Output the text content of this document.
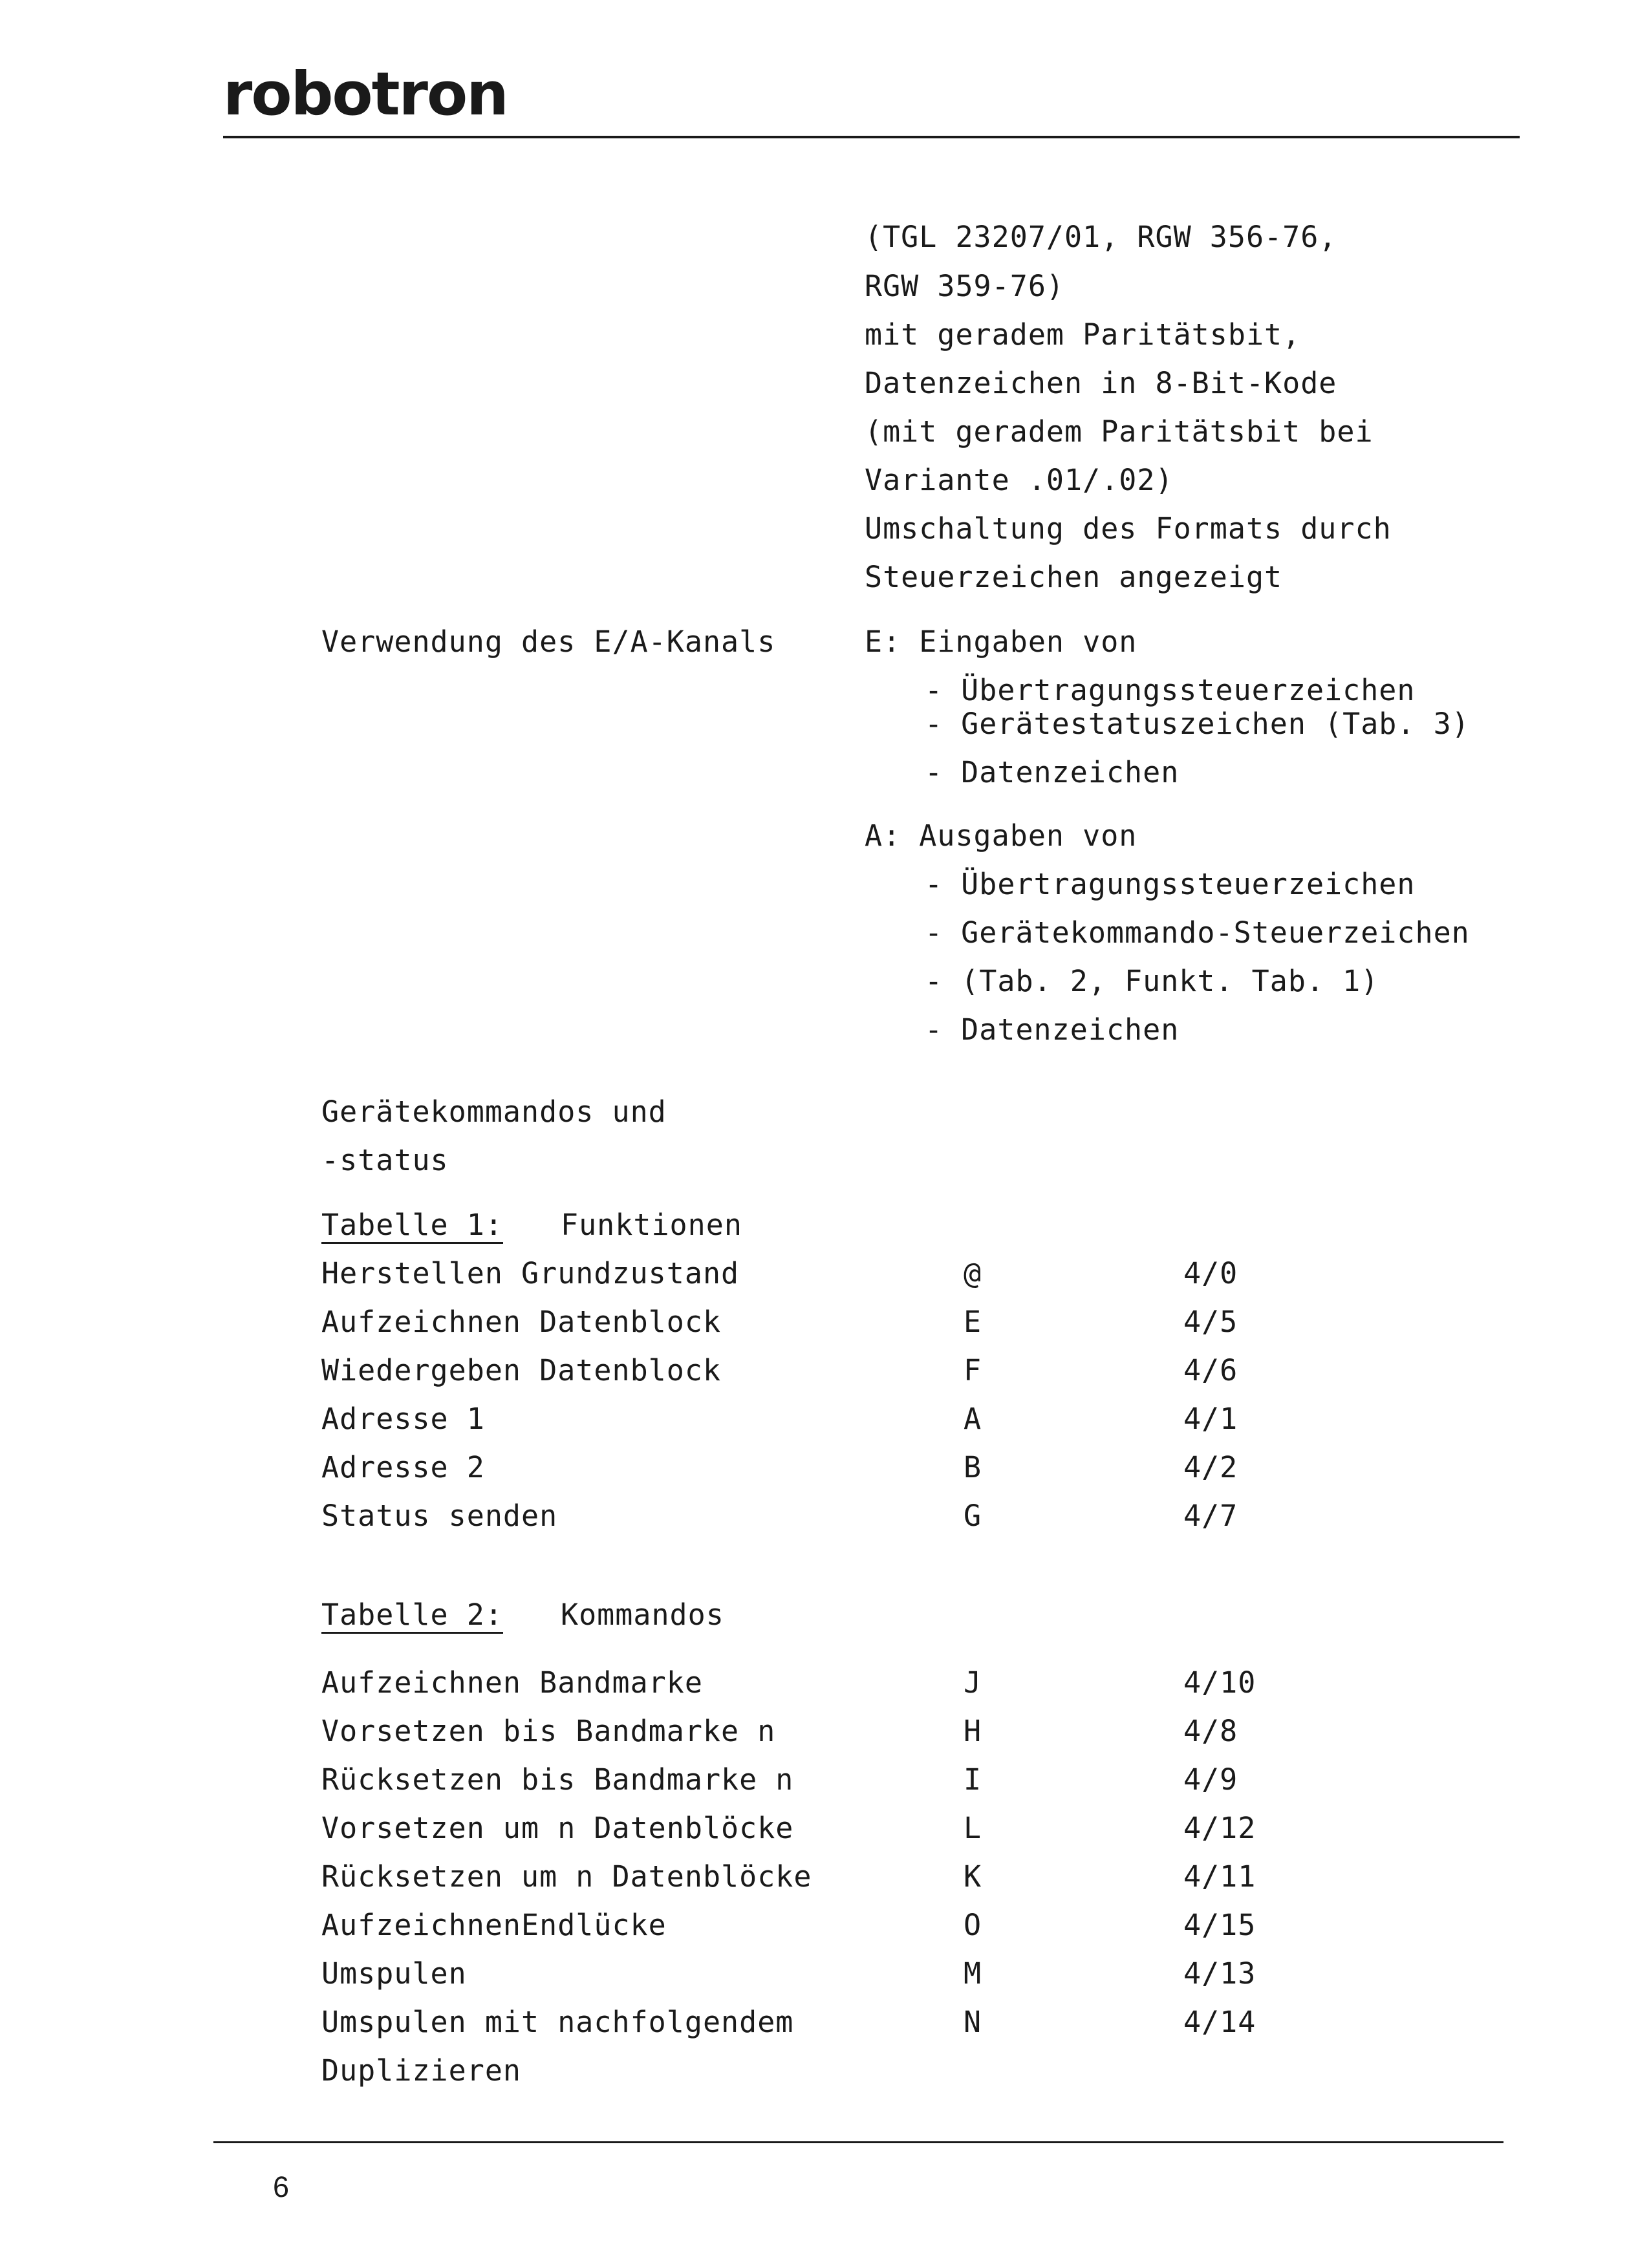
robotron
(TGL 23207/01, RGW 356-76,
RGW 359-76)
mit geradem Paritätsbit,
Datenzeichen in 8-Bit-Kode
(mit geradem Paritätsbit bei
Variante .01/.02)
Umschaltung des Formats durch
Steuerzeichen angezeigt
Verwendung des E/A-Kanals	E: Eingaben von
- Übertragungssteuerzeichen
- Gerätestatuszeichen (Tab. 3)
- Datenzeichen
A: Ausgaben von
- Übertragungssteuerzeichen
- Gerätekommando-Steuerzeichen
- (Tab. 2, Funkt. Tab. 1)
- Datenzeichen
Gerätekommandos und
-status
Tabelle 1: Funktionen
Herstellen Grundzustand	@	4/0
Aufzeichnen Datenblock	E	4/5
Wiedergeben Datenblock	F	4/6
Adresse 1	A	4/1
Adresse 2	B	4/2
Status senden	G	4/7
Tabelle 2: Kommandos
Aufzeichnen Bandmarke	J	4/10
Vorsetzen bis Bandmarke n	H	4/8
Rücksetzen bis Bandmarke n	I	4/9
Vorsetzen um n Datenblöcke	L	4/12
Rücksetzen um n Datenblöcke	K	4/11
AufzeichnenEndlücke	O	4/15
Umspulen	M	4/13
Umspulen mit nachfolgendem	N	4/14
Duplizieren
6
